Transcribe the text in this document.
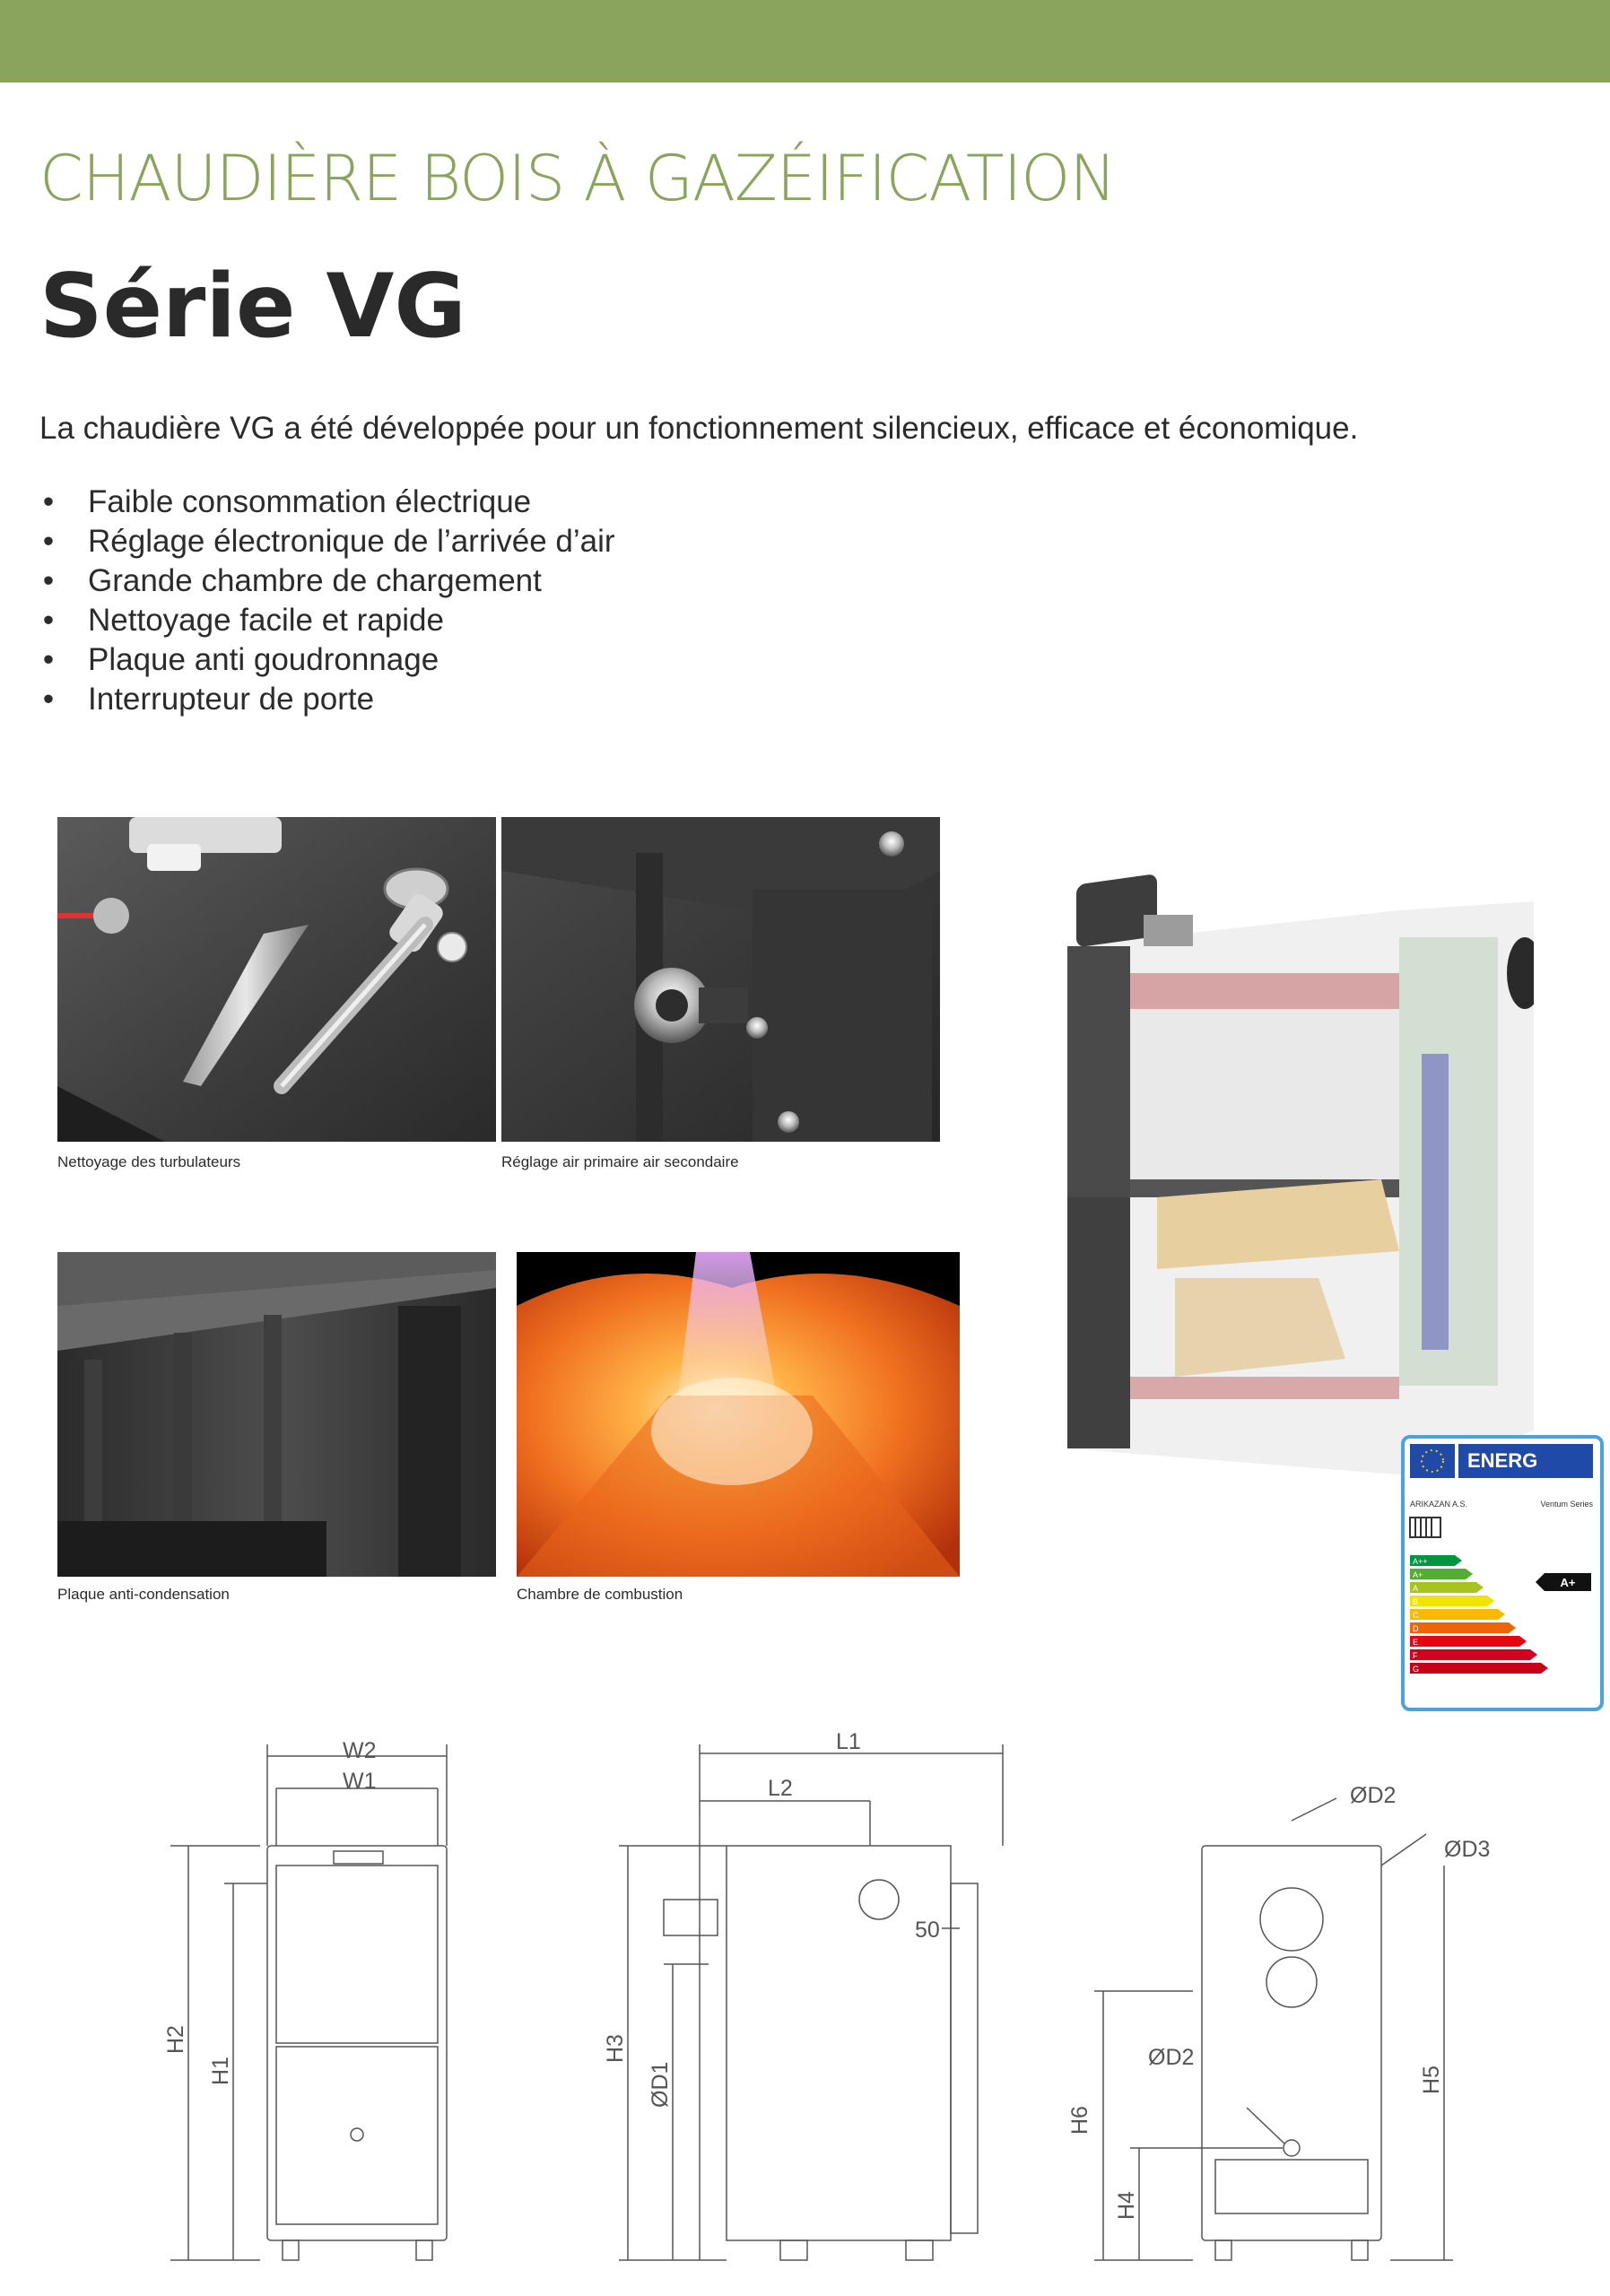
CHAUDIÈRE BOIS À GAZÉIFICATION
Série VG
La chaudière VG a été développée pour un fonctionnement silencieux, efficace et économique.
• Faible consommation électrique
• Réglage électronique de l’arrivée d’air
• Grande chambre de chargement
• Nettoyage facile et rapide
• Plaque anti goudronnage
• Interrupteur de porte
Nettoyage des turbulateurs	Réglage air primaire air secondaire
Plaque anti-condensation	Chambre de combustion
ENERG
ARIKAZAN A.S.	Ventum Series
A++
A+
A
B
C
D
E
F
G
A+
W2
W1
H2
H1
L1
L2
50
H3
ØD1
ØD2
ØD3
ØD2
H6
H4
H5
